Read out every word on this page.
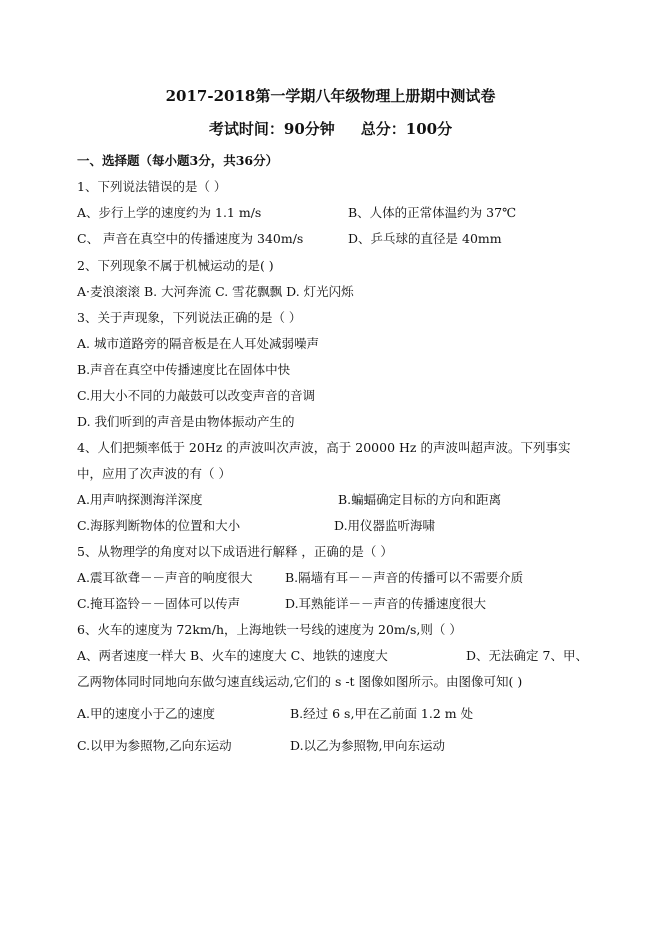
2017-2018第一学期八年级物理上册期中测试卷
考试时间：90分钟 总分：100分
一、选择题（每小题3分，共36分）
1、下列说法错误的是（ ）
A、步行上学的速度约为 1.1 m/s	B、人体的正常体温约为 37℃
C、 声音在真空中的传播速度为 340m/s	D、乒乓球的直径是 40mm
2、下列现象不属于机械运动的是( )
A·麦浪滚滚 B. 大河奔流 C. 雪花飘飘 D. 灯光闪烁
3、关于声现象，下列说法正确的是（ ）
A. 城市道路旁的隔音板是在人耳处减弱噪声
B.声音在真空中传播速度比在固体中快
C.用大小不同的力敲鼓可以改变声音的音调
D. 我们听到的声音是由物体振动产生的
4、人们把频率低于 20Hz 的声波叫次声波，高于 20000 Hz 的声波叫超声波。下列事实
中，应用了次声波的有（ ）
A.用声呐探测海洋深度	B.蝙蝠确定目标的方向和距离
C.海豚判断物体的位置和大小	D.用仪器监听海啸
5、从物理学的角度对以下成语进行解释 ，正确的是（ ）
A.震耳欲聋－－声音的响度很大	B.隔墙有耳－－声音的传播可以不需要介质
C.掩耳盗铃－－固体可以传声	D.耳熟能详－－声音的传播速度很大
6、火车的速度为 72km/h，上海地铁一号线的速度为 20m/s,则（ ）
A、两者速度一样大 B、火车的速度大 C、地铁的速度大	D、无法确定 7、甲、
乙两物体同时同地向东做匀速直线运动,它们的 s -t 图像如图所示。由图像可知( )
A.甲的速度小于乙的速度	B.经过 6 s,甲在乙前面 1.2 m 处
C.以甲为参照物,乙向东运动	D.以乙为参照物,甲向东运动
